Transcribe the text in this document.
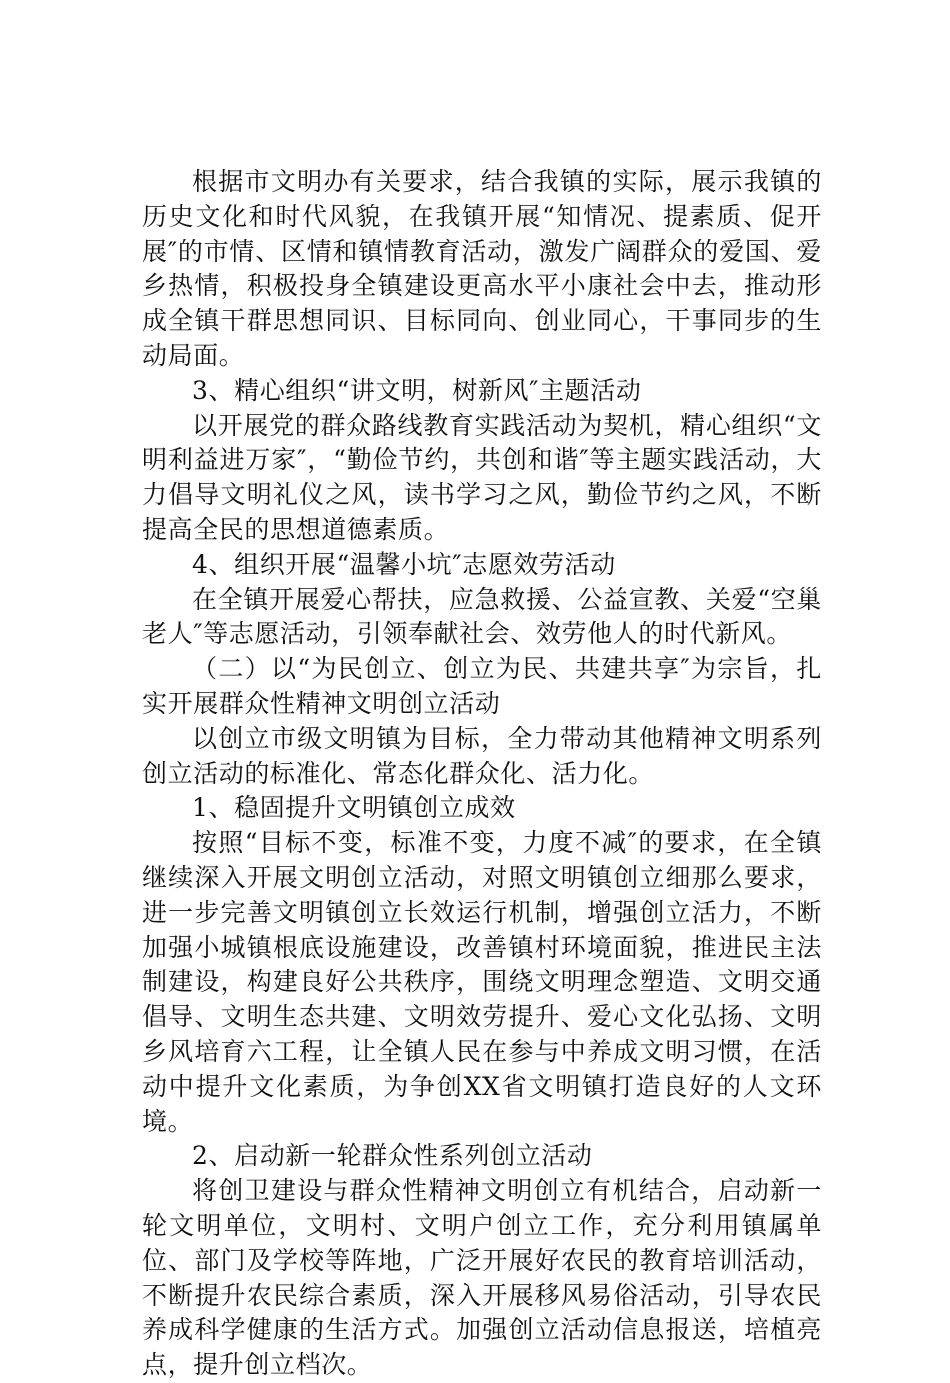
根据市文明办有关要求，结合我镇的实际，展示我镇的历史文化和时代风貌，在我镇开展“知情况、提素质、促开展″的市情、区情和镇情教育活动，激发广阔群众的爱国、爱乡热情，积极投身全镇建设更高水平小康社会中去，推动形成全镇干群思想同识、目标同向、创业同心，干事同步的生动局面。

3、精心组织“讲文明，树新风″主题活动

以开展党的群众路线教育实践活动为契机，精心组织“文明利益进万家″，“勤俭节约，共创和谐″等主题实践活动，大力倡导文明礼仪之风，读书学习之风，勤俭节约之风，不断提高全民的思想道德素质。

4、组织开展“温馨小坑″志愿效劳活动

在全镇开展爱心帮扶，应急救援、公益宣教、关爱“空巢老人″等志愿活动，引领奉献社会、效劳他人的时代新风。

（二）以“为民创立、创立为民、共建共享″为宗旨，扎实开展群众性精神文明创立活动

以创立市级文明镇为目标，全力带动其他精神文明系列创立活动的标准化、常态化群众化、活力化。

1、稳固提升文明镇创立成效

按照“目标不变，标准不变，力度不减″的要求，在全镇继续深入开展文明创立活动，对照文明镇创立细那么要求，进一步完善文明镇创立长效运行机制，增强创立活力，不断加强小城镇根底设施建设，改善镇村环境面貌，推进民主法制建设，构建良好公共秩序，围绕文明理念塑造、文明交通倡导、文明生态共建、文明效劳提升、爱心文化弘扬、文明乡风培育六工程，让全镇人民在参与中养成文明习惯，在活动中提升文化素质，为争创XX省文明镇打造良好的人文环境。

2、启动新一轮群众性系列创立活动

将创卫建设与群众性精神文明创立有机结合，启动新一轮文明单位，文明村、文明户创立工作，充分利用镇属单位、部门及学校等阵地，广泛开展好农民的教育培训活动，不断提升农民综合素质，深入开展移风易俗活动，引导农民养成科学健康的生活方式。加强创立活动信息报送，培植亮点，提升创立档次。
